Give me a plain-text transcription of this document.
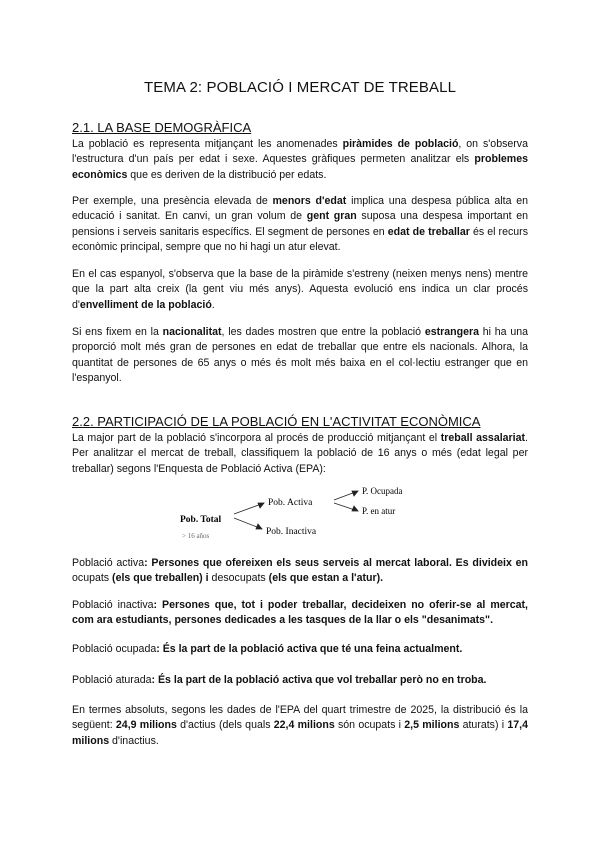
TEMA 2: POBLACIÓ I MERCAT DE TREBALL
2.1. LA BASE DEMOGRÀFICA

La població es representa mitjançant les anomenades piràmides de població, on s'observa l'estructura d'un país per edat i sexe. Aquestes gràfiques permeten analitzar els problemes econòmics que es deriven de la distribució per edats.

Per exemple, una presència elevada de menors d'edat implica una despesa pública alta en educació i sanitat. En canvi, un gran volum de gent gran suposa una despesa important en pensions i serveis sanitaris específics. El segment de persones en edat de treballar és el recurs econòmic principal, sempre que no hi hagi un atur elevat.

En el cas espanyol, s'observa que la base de la piràmide s'estreny (neixen menys nens) mentre que la part alta creix (la gent viu més anys). Aquesta evolució ens indica un clar procés d'envelliment de la població.

Si ens fixem en la nacionalitat, les dades mostren que entre la població estrangera hi ha una proporció molt més gran de persones en edat de treballar que entre els nacionals. Alhora, la quantitat de persones de 65 anys o més és molt més baixa en el col·lectiu estranger que en l'espanyol.

2.2. PARTICIPACIÓ DE LA POBLACIÓ EN L'ACTIVITAT ECONÒMICA

La major part de la població s'incorpora al procés de producció mitjançant el treball assalariat. Per analitzar el mercat de treball, classifiquem la població de 16 anys o més (edat legal per treballar) segons l'Enquesta de Població Activa (EPA):

Pob. Total
> 16 años
Pob. Activa
Pob. Inactiva
P. Ocupada
P. en atur

Població activa: Persones que ofereixen els seus serveis al mercat laboral. Es divideix en ocupats (els que treballen) i desocupats (els que estan a l'atur).

Població inactiva: Persones que, tot i poder treballar, decideixen no oferir-se al mercat, com ara estudiants, persones dedicades a les tasques de la llar o els "desanimats".

Població ocupada: És la part de la població activa que té una feina actualment.

Població aturada: És la part de la població activa que vol treballar però no en troba.

En termes absoluts, segons les dades de l'EPA del quart trimestre de 2025, la distribució és la següent: 24,9 milions d'actius (dels quals 22,4 milions són ocupats i 2,5 milions aturats) i 17,4 milions d'inactius.
